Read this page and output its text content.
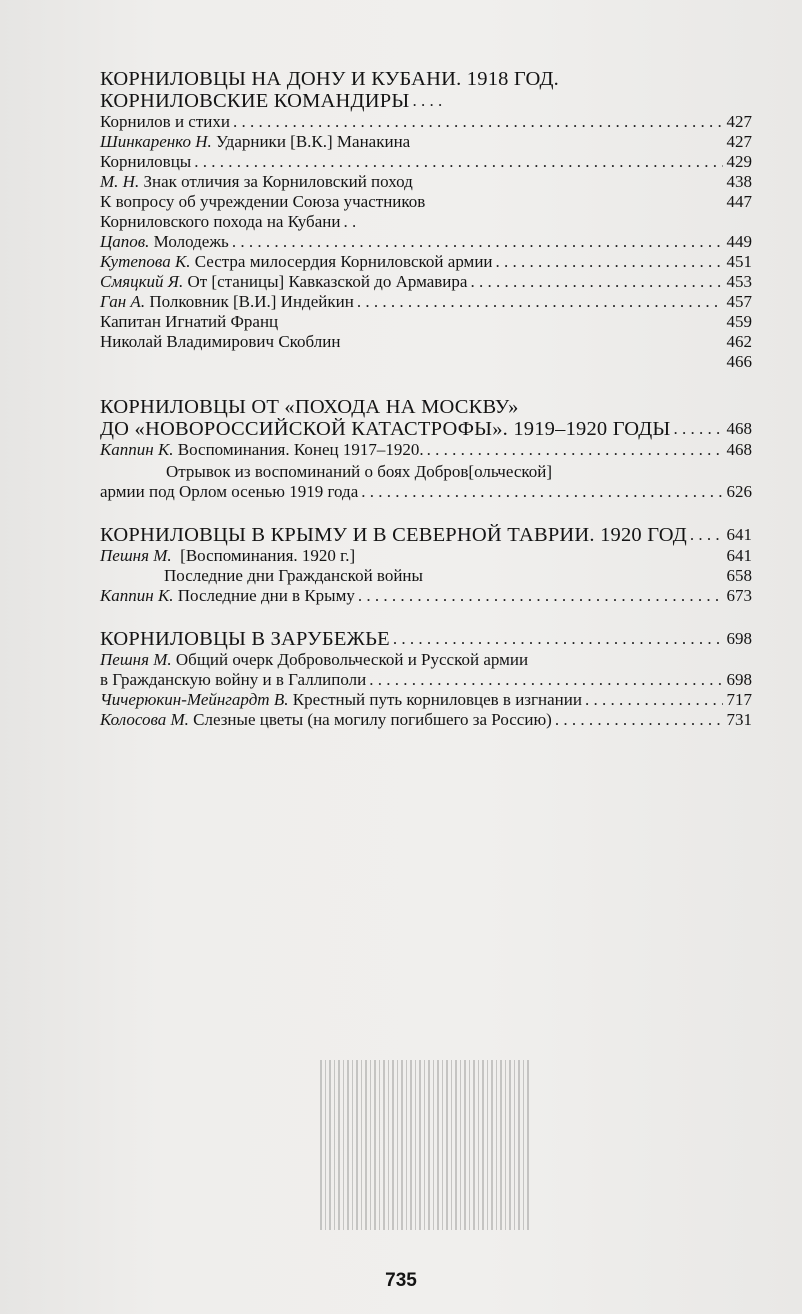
КОРНИЛОВЦЫ НА ДОНУ И КУБАНИ. 1918 ГОД.
КОРНИЛОВСКИЕ КОМАНДИРЫ
. . .
Корнилов и стихи . . .	427
Шинкаренко Н. Ударники [В.К.] Манакина	427
Корниловцы . . .	429
М. Н. Знак отличия за Корниловский поход	438
К вопросу об учреждении Союза участников	447
Корниловского похода на Кубани
. . .
Цапов. Молодежь . . .	449
Кутепова К. Сестра милосердия Корниловской армии . . .	451
Смяцкий Я. От [станицы] Кавказской до Армавира . . .	453
Ган А. Полковник [В.И.] Индейкин . . .	457
Капитан Игнатий Франц	459
Николай Владимирович Скоблин	462
466
КОРНИЛОВЦЫ ОТ «ПОХОДА НА МОСКВУ»
ДО «НОВОРОССИЙСКОЙ КАТАСТРОФЫ». 1919–1920 ГОДЫ . . .	468
Каппин К. Воспоминания. Конец 1917–1920. . . .	468
Отрывок из воспоминаний о боях Добров[ольческой]
армии под Орлом осенью 1919 года . . .	626
КОРНИЛОВЦЫ В КРЫМУ И В СЕВЕРНОЙ ТАВРИИ. 1920 ГОД . . . 641
Пешня М.  [Воспоминания. 1920 г.]	641
Последние дни Гражданской войны	658
Каппин К. Последние дни в Крыму . . .	673
КОРНИЛОВЦЫ В ЗАРУБЕЖЬЕ . . .	698
Пешня М. Общий очерк Добровольческой и Русской армии
в Гражданскую войну и в Галлиполи . . .	698
Чичерюкин-Мейнгардт В. Крестный путь корниловцев в изгнании . . .	717
Колосова М. Слезные цветы (на могилу погибшего за Россию) . . .	731
735
